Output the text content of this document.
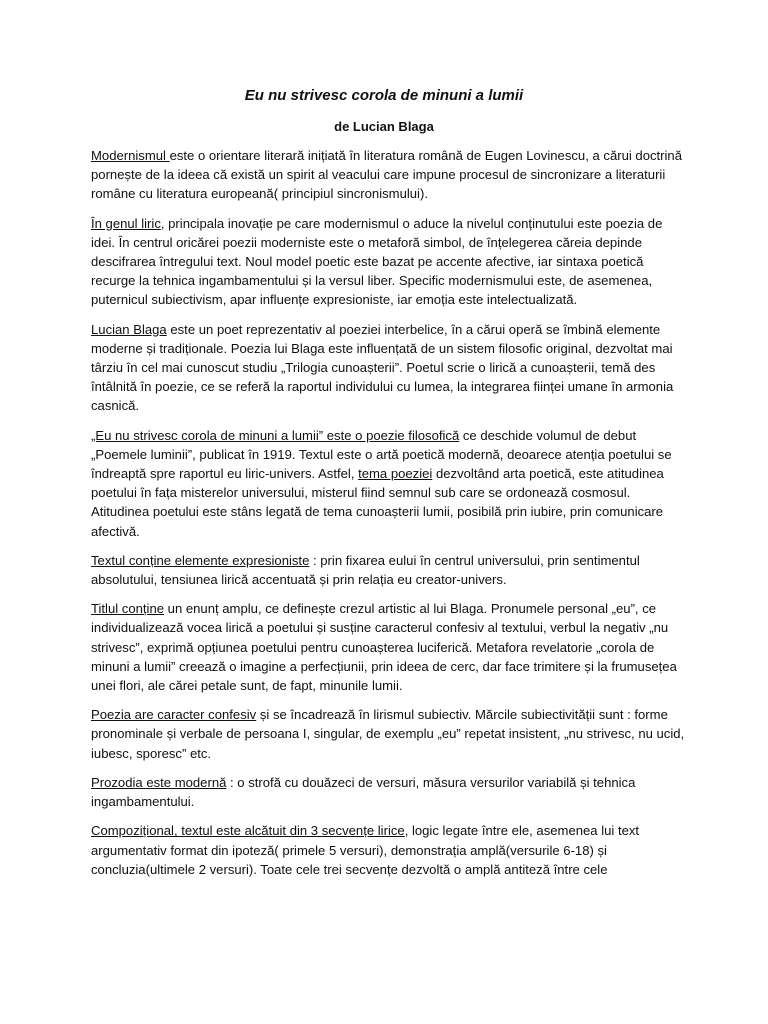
Eu nu strivesc corola de minuni a lumii

de Lucian Blaga

Modernismul este o orientare literară inițiată în literatura română de Eugen Lovinescu, a cărui doctrină pornește de la ideea că există un spirit al veacului care impune procesul de sincronizare a literaturii române cu literatura europeană( principiul sincronismului).

În genul liric, principala inovație pe care modernismul o aduce la nivelul conținutului este poezia de idei. În centrul oricărei poezii moderniste este o metaforă simbol, de înțelegerea căreia depinde descifrarea întregului text. Noul model poetic este bazat pe accente afective, iar sintaxa poetică recurge la tehnica ingambamentului și la versul liber. Specific modernismului este, de asemenea, puternicul subiectivism, apar influențe expresioniste, iar emoția este intelectualizată.

Lucian Blaga este un poet reprezentativ al poeziei interbelice, în a cărui operă se îmbină elemente moderne și tradiționale. Poezia lui Blaga este influențată de un sistem filosofic original, dezvoltat mai târziu în cel mai cunoscut studiu „Trilogia cunoașterii”. Poetul scrie o lirică a cunoașterii, temă des întâlnită în poezie, ce se referă la raportul individului cu lumea, la integrarea ființei umane în armonia casnică.

„Eu nu strivesc corola de minuni a lumii” este o poezie filosofică ce deschide volumul de debut „Poemele luminii”, publicat în 1919. Textul este o artă poetică modernă, deoarece atenția poetului se îndreaptă spre raportul eu liric-univers. Astfel, tema poeziei dezvoltând arta poetică, este atitudinea poetului în fața misterelor universului, misterul fiind semnul sub care se ordonează cosmosul. Atitudinea poetului este stâns legată de tema cunoașterii lumii, posibilă prin iubire, prin comunicare afectivă.

Textul conține elemente expresioniste : prin fixarea eului în centrul universului, prin sentimentul absolutului, tensiunea lirică accentuată și prin relația eu creator-univers.

Titlul conține un enunț amplu, ce definește crezul artistic al lui Blaga. Pronumele personal „eu”, ce individualizează vocea lirică a poetului și susține caracterul confesiv al textului, verbul la negativ „nu strivesc”, exprimă opțiunea poetului pentru cunoașterea luciferică. Metafora revelatorie „corola de minuni a lumii” creează o imagine a perfecțiunii, prin ideea de cerc, dar face trimitere și la frumusețea unei flori, ale cărei petale sunt, de fapt, minunile lumii.

Poezia are caracter confesiv și se încadrează în lirismul subiectiv. Mărcile subiectivității sunt : forme pronominale și verbale de persoana I, singular, de exemplu „eu” repetat insistent, „nu strivesc, nu ucid, iubesc, sporesc” etc.

Prozodia este modernă : o strofă cu douăzeci de versuri, măsura versurilor variabilă și tehnica ingambamentului.

Compozițional, textul este alcătuit din 3 secvențe lirice, logic legate între ele, asemenea lui text argumentativ format din ipoteză( primele 5 versuri), demonstrația amplă(versurile 6-18) și concluzia(ultimele 2 versuri). Toate cele trei secvențe dezvoltă o amplă antiteză între cele
